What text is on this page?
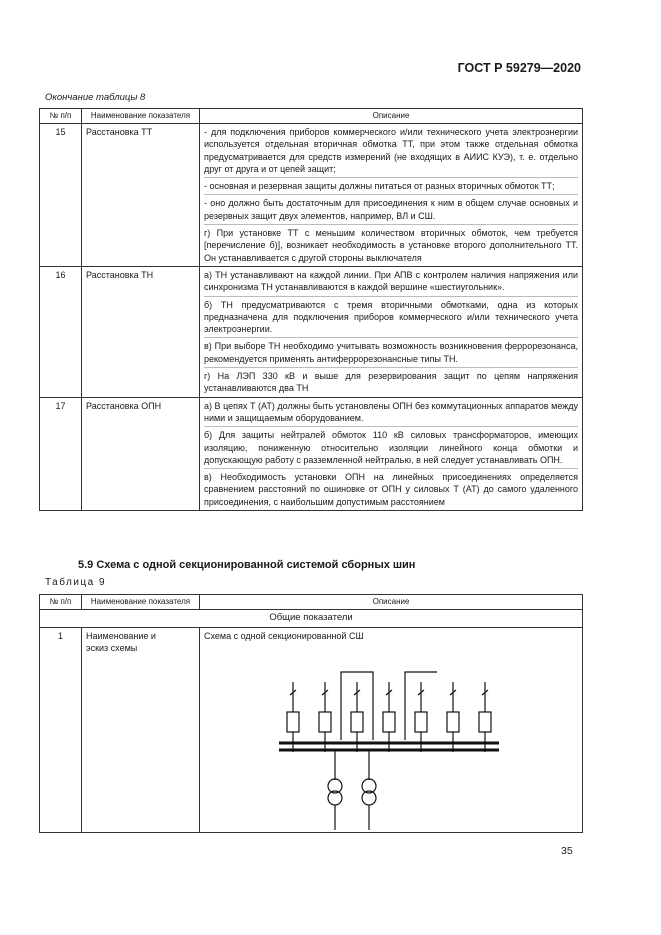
ГОСТ Р 59279—2020
Окончание таблицы 8
№ п/п	Наименование показателя	Описание
15	Расстановка ТТ	- для подключения приборов коммерческого и/или технического учета электроэнергии используется отдельная вторичная обмотка ТТ, при этом также отдельная обмотка предусматривается для средств измерений (не входящих в АИИС КУЭ), т. е. отдельно друг от друга и от цепей защит;

- основная и резервная защиты должны питаться от разных вторичных обмоток ТТ;

- оно должно быть достаточным для присоединения к ним в общем случае основных и резервных защит двух элементов, например, ВЛ и СШ.

г) При установке ТТ с меньшим количеством вторичных обмоток, чем требуется [перечисление б)], возникает необходимость в установке второго дополнительного ТТ. Он устанавливается с другой стороны выключателя

16	Расстановка ТН	а) ТН устанавливают на каждой линии. При АПВ с контролем наличия напряжения или синхронизма ТН устанавливаются в каждой вершине «шестиугольник».

б) ТН предусматриваются с тремя вторичными обмотками, одна из которых предназначена для подключения приборов коммерческого и/или технического учета электроэнергии.

в) При выборе ТН необходимо учитывать возможность возникновения феррорезонанса, рекомендуется применять антиферрорезонансные типы ТН.

г) На ЛЭП 330 кВ и выше для резервирования защит по цепям напряжения устанавливаются два ТН

17	Расстановка ОПН	а) В цепях Т (АТ) должны быть установлены ОПН без коммутационных аппаратов между ними и защищаемым оборудованием.

б) Для защиты нейтралей обмоток 110 кВ силовых трансформаторов, имеющих изоляцию, пониженную относительно изоляции линейного конца обмотки и допускающую работу с разземленной нейтралью, в ней следует устанавливать ОПН.

в) Необходимость установки ОПН на линейных присоединениях определяется сравнением расстояний по ошиновке от ОПН у силовых Т (АТ) до самого удаленного присоединения, с наибольшим допустимым расстоянием

5.9 Схема с одной секционированной системой сборных шин
Таблица 9
№ п/п	Наименование показателя	Описание
Общие показатели		
1	Наименование и эскиз схемы	Схема с одной секционированной СШ
35
